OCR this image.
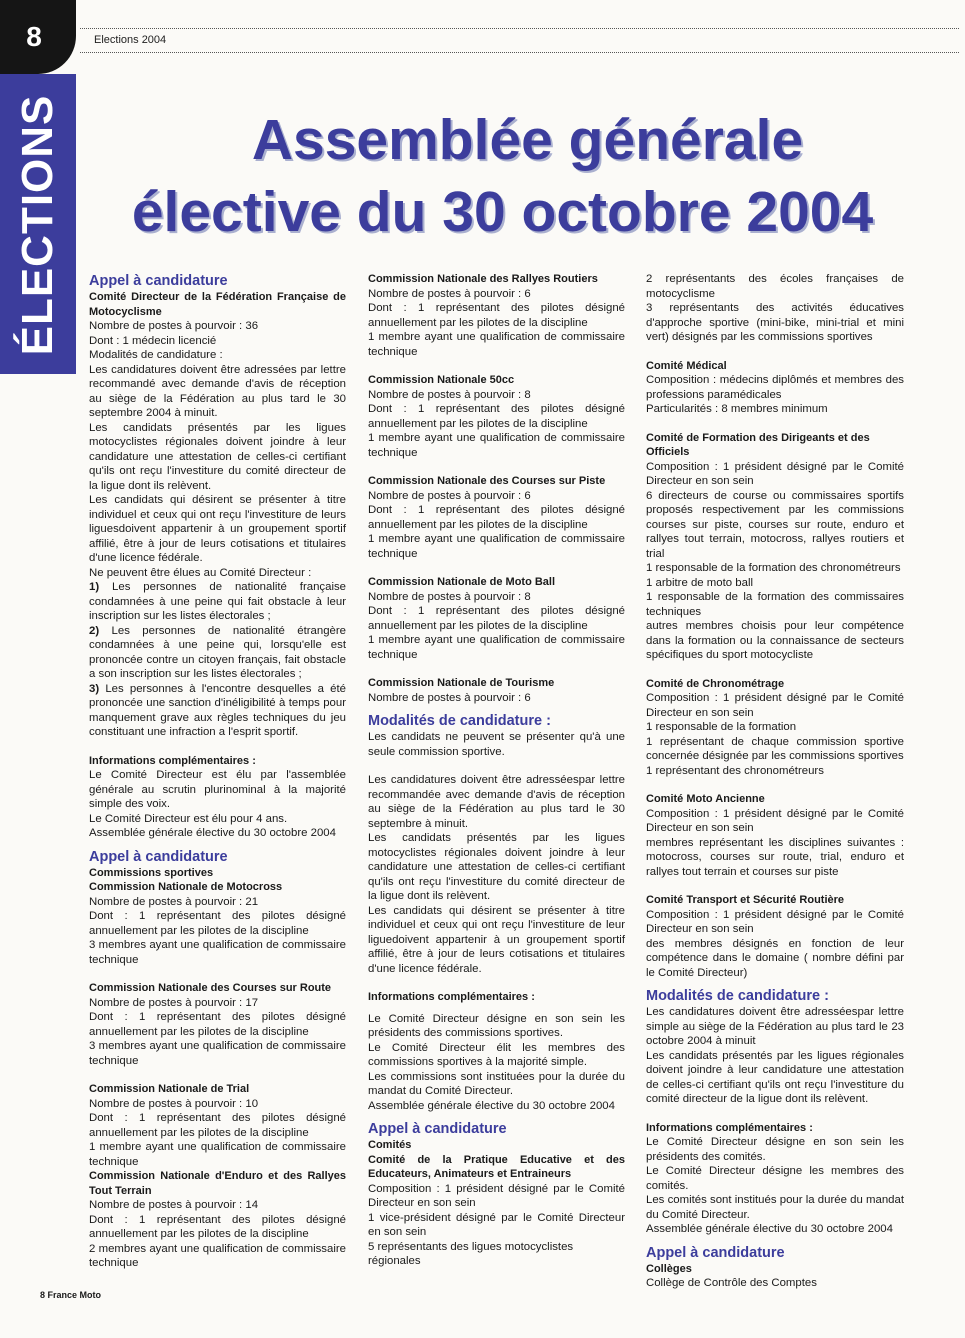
8
ÉLECTIONS
Elections 2004
Assemblée générale
élective du 30 octobre 2004

Appel à candidature

Comité Directeur de la Fédération Française de Motocyclisme

Nombre de postes à pourvoir : 36

Dont : 1 médecin licencié

Modalités de candidature :

Les candidatures doivent être adressées par lettre recommandé avec demande d'avis de réception au siège de la Fédération au plus tard le 30 septembre 2004 à minuit.

Les candidats présentés par les ligues motocyclistes régionales doivent joindre à leur candidature une attestation de celles-ci certifiant qu'ils ont reçu l'investiture du comité directeur de la ligue dont ils relèvent.

Les candidats qui désirent se présenter à titre individuel et ceux qui ont reçu l'investiture de leurs liguesdoivent appartenir à un groupement sportif affilié, être à jour de leurs cotisations et titulaires d'une licence fédérale.

Ne peuvent être élues au Comité Directeur :

1) Les personnes de nationalité française condamnées à une peine qui fait obstacle à leur inscription sur les listes électorales ;

2) Les personnes de nationalité étrangère condamnées à une peine qui, lorsqu'elle est prononcée contre un citoyen français, fait obstacle a son inscription sur les listes électorales ;

3) Les personnes à l'encontre desquelles a été prononcée une sanction d'inéligibilité à temps pour manquement grave aux règles techniques du jeu constituant une infraction a l'esprit sportif.

Informations complémentaires :

Le Comité Directeur est élu par l'assemblée générale au scrutin plurinominal à la majorité simple des voix.

Le Comité Directeur est élu pour 4 ans.

Assemblée générale élective du 30 octobre 2004

Appel à candidature

Commissions sportives

Commission Nationale de Motocross

Nombre de postes à pourvoir : 21

Dont : 1 représentant des pilotes désigné annuellement par les pilotes de la discipline

3 membres ayant une qualification de commissaire technique

Commission Nationale des Courses sur Route

Nombre de postes à pourvoir : 17

Dont : 1 représentant des pilotes désigné annuellement par les pilotes de la discipline

3 membres ayant une qualification de commissaire technique

Commission Nationale de Trial

Nombre de postes à pourvoir : 10

Dont : 1 représentant des pilotes désigné annuellement par les pilotes de la discipline

1 membre ayant une qualification de commissaire technique

Commission Nationale d'Enduro et des Rallyes Tout Terrain

Nombre de postes à pourvoir : 14

Dont : 1 représentant des pilotes désigné annuellement par les pilotes de la discipline

2 membres ayant une qualification de commissaire technique

Commission Nationale des Rallyes Routiers

Nombre de postes à pourvoir : 6

Dont : 1 représentant des pilotes désigné annuellement par les pilotes de la discipline

1 membre ayant une qualification de commissaire technique

Commission Nationale 50cc

Nombre de postes à pourvoir : 8

Dont : 1 représentant des pilotes désigné annuellement par les pilotes de la discipline

1 membre ayant une qualification de commissaire technique

Commission Nationale des Courses sur Piste

Nombre de postes à pourvoir : 6

Dont : 1 représentant des pilotes désigné annuellement par les pilotes de la discipline

1 membre ayant une qualification de commissaire technique

Commission Nationale de Moto Ball

Nombre de postes à pourvoir : 8

Dont : 1 représentant des pilotes désigné annuellement par les pilotes de la discipline

1 membre ayant une qualification de commissaire technique

Commission Nationale de Tourisme

Nombre de postes à pourvoir : 6

Modalités de candidature :

Les candidats ne peuvent se présenter qu'à une seule commission sportive.

Les candidatures doivent être adresséespar lettre recommandée avec demande d'avis de réception au siège de la Fédération au plus tard le 30 septembre à minuit.

Les candidats présentés par les ligues motocyclistes régionales doivent joindre à leur candidature une attestation de celles-ci certifiant qu'ils ont reçu l'investiture du comité directeur de la ligue dont ils relèvent.

Les candidats qui désirent se présenter à titre individuel et ceux qui ont reçu l'investiture de leur liguedoivent appartenir à un groupement sportif affilié, être à jour de leurs cotisations et titulaires d'une licence fédérale.

Informations complémentaires :

Le Comité Directeur désigne en son sein les présidents des commissions sportives.

Le Comité Directeur élit les membres des commissions sportives à la majorité simple.

Les commissions sont instituées pour la durée du mandat du Comité Directeur.

Assemblée générale élective du 30 octobre 2004

Appel à candidature

Comités

Comité de la Pratique Educative et des Educateurs, Animateurs et Entraineurs

Composition : 1 président désigné par le Comité Directeur en son sein

1 vice-président désigné par le Comité Directeur en son sein

5 représentants des ligues motocyclistes régionales

2 représentants des écoles françaises de motocyclisme

3 représentants des activités éducatives d'approche sportive (mini-bike, mini-trial et mini vert) désignés par les commissions sportives

Comité Médical

Composition : médecins diplômés et membres des professions paramédicales

Particularités : 8 membres minimum

Comité de Formation des Dirigeants et des Officiels

Composition : 1 président désigné par le Comité Directeur en son sein

6 directeurs de course ou commissaires sportifs proposés respectivement par les commissions courses sur piste, courses sur route, enduro et rallyes tout terrain, motocross, rallyes routiers et trial

1 responsable de la formation des chronométreurs

1 arbitre de moto ball

1 responsable de la formation des commissaires techniques

autres membres choisis pour leur compétence dans la formation ou la connaissance de secteurs spécifiques du sport motocycliste

Comité de Chronométrage

Composition : 1 président désigné par le Comité Directeur en son sein

1 responsable de la formation

1 représentant de chaque commission sportive concernée désignée par les commissions sportives

1 représentant des chronométreurs

Comité Moto Ancienne

Composition : 1 président désigné par le Comité Directeur en son sein

membres représentant les disciplines suivantes : motocross, courses sur route, trial, enduro et rallyes tout terrain et courses sur piste

Comité Transport et Sécurité Routière

Composition : 1 président désigné par le Comité Directeur en son sein

des membres désignés en fonction de leur compétence dans le domaine ( nombre défini par le Comité Directeur)

Modalités de candidature :

Les candidatures doivent être adresséespar lettre simple au siège de la Fédération au plus tard le 23 octobre 2004 à minuit

Les candidats présentés par les ligues régionales doivent joindre à leur candidature une attestation de celles-ci certifiant qu'ils ont reçu l'investiture du comité directeur de la ligue dont ils relèvent.

Informations complémentaires :

Le Comité Directeur désigne en son sein les présidents des comités.

Le Comité Directeur désigne les membres des comités.

Les comités sont institués pour la durée du mandat du Comité Directeur.

Assemblée générale élective du 30 octobre 2004

Appel à candidature

Collèges

Collège de Contrôle des Comptes

8 France Moto
